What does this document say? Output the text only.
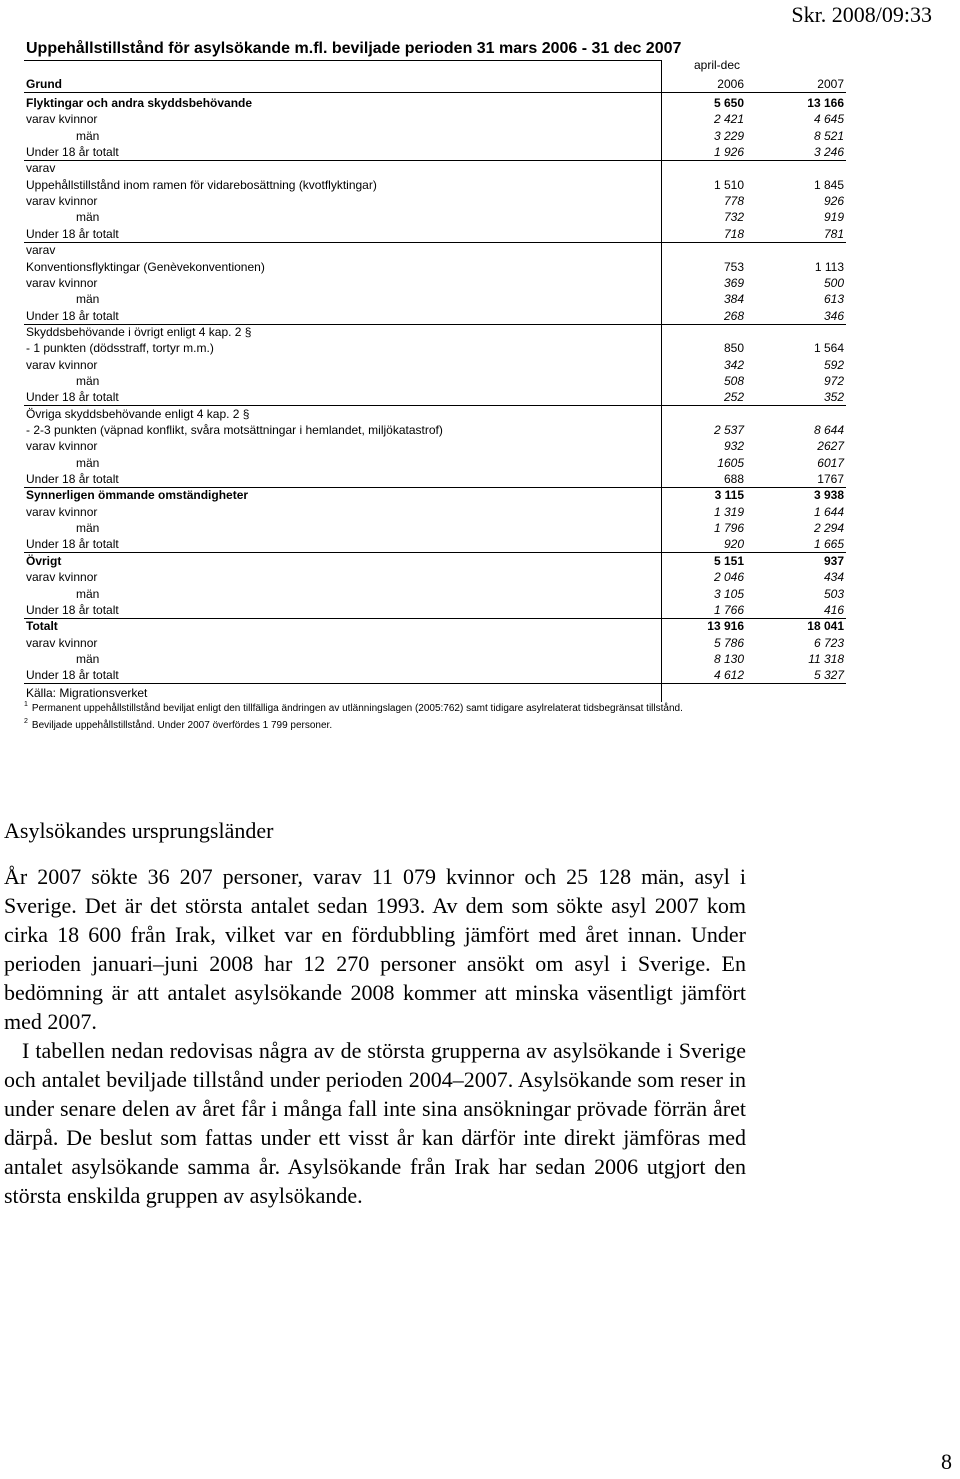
Skr. 2008/09:33
Uppehållstillstånd för asylsökande m.fl. beviljade perioden 31 mars 2006 - 31 dec 2007
april-dec
Grund	2006	2007
Flyktingar och andra skyddsbehövande	5 650	13 166
varav kvinnor	2 421	4 645
män	3 229	8 521
Under 18 år totalt	1 926	3 246
varav
Uppehållstillstånd inom ramen för vidarebosättning (kvotflyktingar)	1 510	1 845
varav kvinnor	778	926
män	732	919
Under 18 år totalt	718	781
varav
Konventionsflyktingar (Genèvekonventionen)	753	1 113
varav kvinnor	369	500
män	384	613
Under 18 år totalt	268	346
Skyddsbehövande i övrigt enligt 4 kap. 2 §
- 1 punkten (dödsstraff, tortyr m.m.)	850	1 564
varav kvinnor	342	592
män	508	972
Under 18 år totalt	252	352
Övriga skyddsbehövande enligt 4 kap. 2 §
- 2-3 punkten (väpnad konflikt, svåra motsättningar i hemlandet, miljökatastrof)	2 537	8 644
varav kvinnor	932	2627
män	1605	6017
Under 18 år totalt	688	1767
Synnerligen ömmande omständigheter	3 115	3 938
varav kvinnor	1 319	1 644
män	1 796	2 294
Under 18 år totalt	920	1 665
Övrigt	5 151	937
varav kvinnor	2 046	434
män	3 105	503
Under 18 år totalt	1 766	416
Totalt	13 916	18 041
varav kvinnor	5 786	6 723
män	8 130	11 318
Under 18 år totalt	4 612	5 327
Källa: Migrationsverket
$^1$ Permanent uppehållstillstånd beviljat enligt den tillfälliga ändringen av utlänningslagen (2005:762) samt tidigare asylrelaterat tidsbegränsat tillstånd.
$^2$ Beviljade uppehållstillstånd. Under 2007 överfördes 1 799 personer.
Asylsökandes ursprungsländer

År 2007 sökte 36 207 personer, varav 11 079 kvinnor och 25 128 män, asyl i Sverige. Det är det största antalet sedan 1993. Av dem som sökte asyl 2007 kom cirka 18 600 från Irak, vilket var en fördubbling jämfört med året innan. Under perioden januari–juni 2008 har 12 270 personer ansökt om asyl i Sverige. En bedömning är att antalet asylsökande 2008 kommer att minska väsentligt jämfört med 2007.

I tabellen nedan redovisas några av de största grupperna av asylsökande i Sverige och antalet beviljade tillstånd under perioden 2004–2007. Asylsökande som reser in under senare delen av året får i många fall inte sina ansökningar prövade förrän året därpå. De beslut som fattas under ett visst år kan därför inte direkt jämföras med antalet asylsökande samma år. Asylsökande från Irak har sedan 2006 utgjort den största enskilda gruppen av asylsökande.

8
